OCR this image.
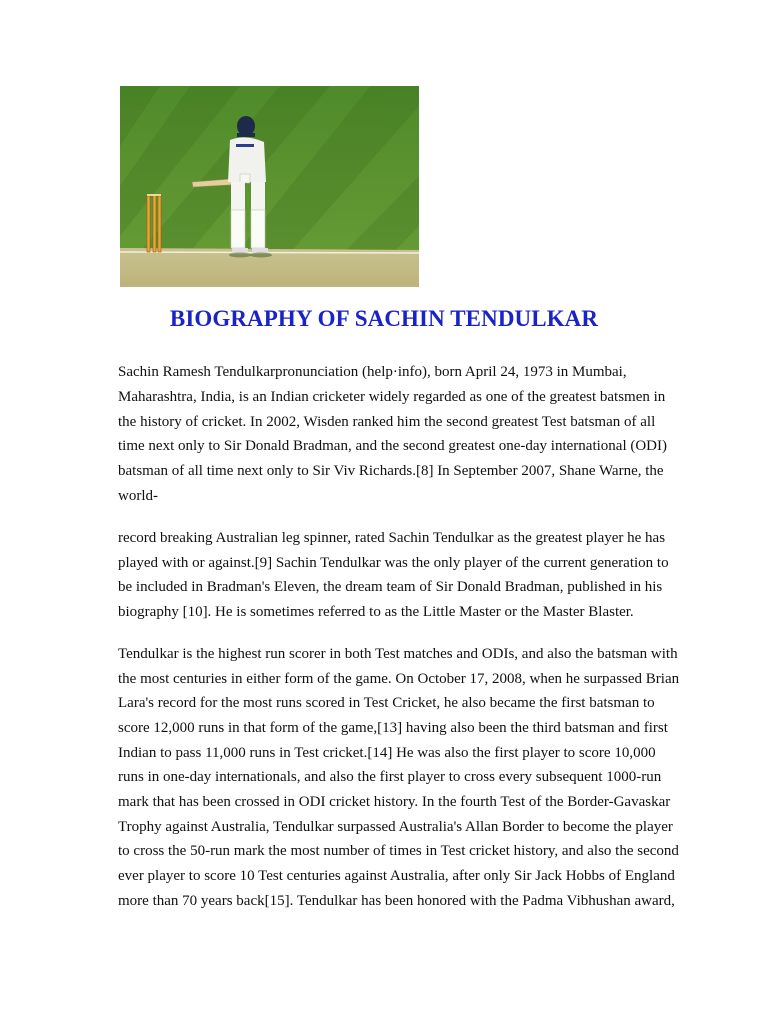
BIOGRAPHY OF SACHIN TENDULKAR

Sachin Ramesh Tendulkarpronunciation (help·info), born April 24, 1973 in Mumbai,

Maharashtra, India, is an Indian cricketer widely regarded as one of the greatest batsmen in

the history of cricket. In 2002, Wisden ranked him the second greatest Test batsman of all

time next only to Sir Donald Bradman, and the second greatest one-day international (ODI)

batsman of all time next only to Sir Viv Richards.[8] In September 2007, Shane Warne, the

world-

record breaking Australian leg spinner, rated Sachin Tendulkar as the greatest player he has

played with or against.[9] Sachin Tendulkar was the only player of the current generation to

be included in Bradman's Eleven, the dream team of Sir Donald Bradman, published in his

biography [10]. He is sometimes referred to as the Little Master or the Master Blaster.

Tendulkar is the highest run scorer in both Test matches and ODIs, and also the batsman with

the most centuries in either form of the game. On October 17, 2008, when he surpassed Brian

Lara's record for the most runs scored in Test Cricket, he also became the first batsman to

score 12,000 runs in that form of the game,[13] having also been the third batsman and first

Indian to pass 11,000 runs in Test cricket.[14] He was also the first player to score 10,000

runs in one-day internationals, and also the first player to cross every subsequent 1000-run

mark that has been crossed in ODI cricket history. In the fourth Test of the Border-Gavaskar

Trophy against Australia, Tendulkar surpassed Australia's Allan Border to become the player

to cross the 50-run mark the most number of times in Test cricket history, and also the second

ever player to score 10 Test centuries against Australia, after only Sir Jack Hobbs of England

more than 70 years back[15]. Tendulkar has been honored with the Padma Vibhushan award,
